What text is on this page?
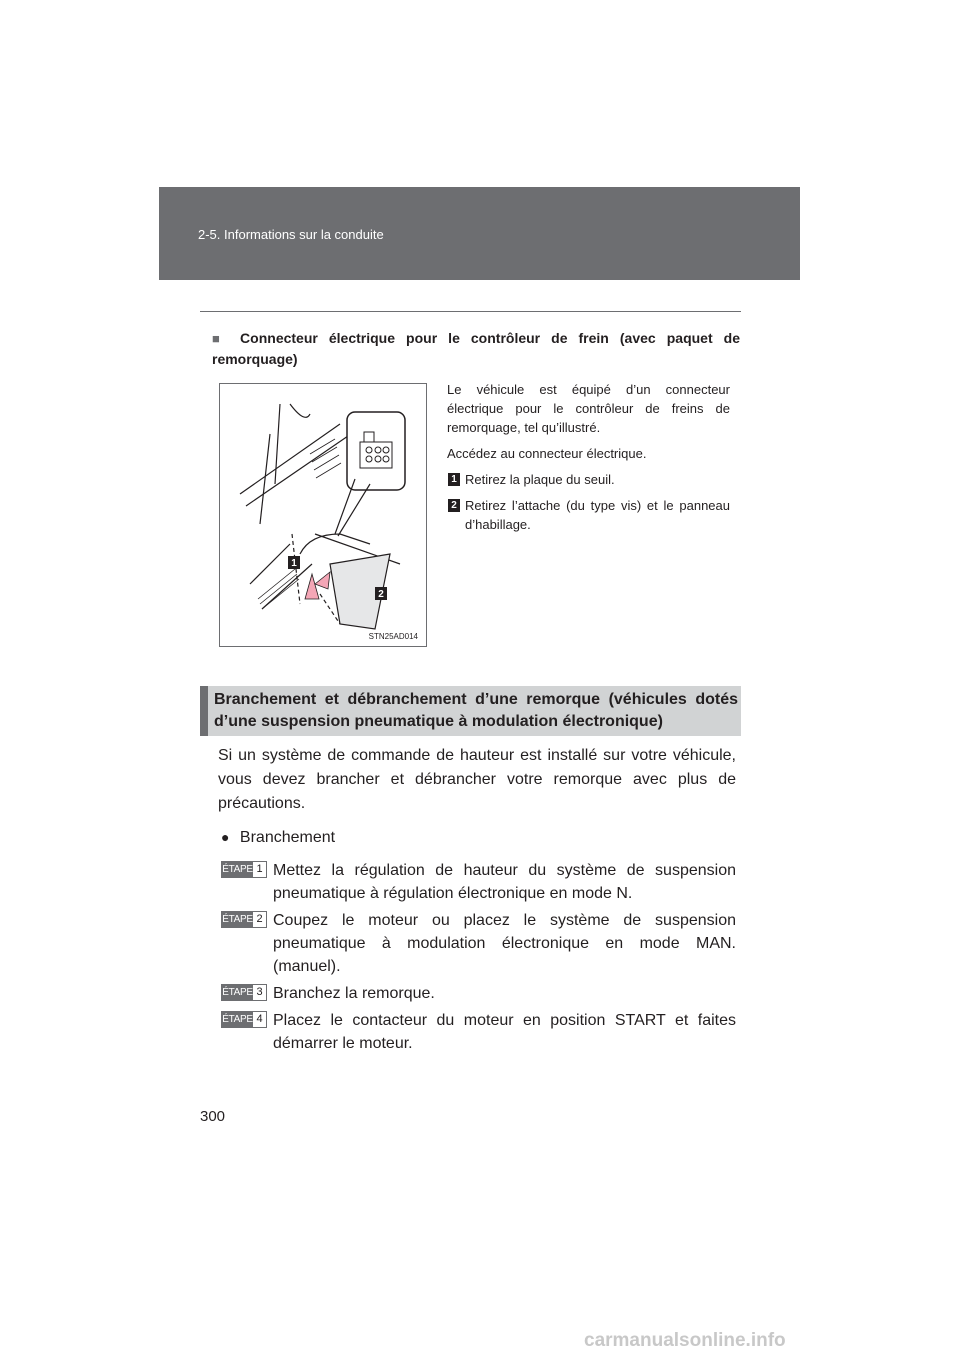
2-5. Informations sur la conduite
■ Connecteur électrique pour le contrôleur de frein (avec paquet de remorquage)
1
2
STN25AD014

Le véhicule est équipé d’un connecteur électrique pour le contrôleur de freins de remorquage, tel qu’illustré.

Accédez au connecteur électrique.

1 Retirez la plaque du seuil.
2 Retirez l’attache (du type vis) et le panneau d’habillage.
Branchement et débranchement d’une remorque (véhicules dotés d’une suspension pneumatique à modulation électronique)
Si un système de commande de hauteur est installé sur votre véhicule, vous devez brancher et débrancher votre remorque avec plus de précautions.
● Branchement
ÉTAPE 1 Mettez la régulation de hauteur du système de suspension pneumatique à régulation électronique en mode N.
ÉTAPE 2 Coupez le moteur ou placez le système de suspension pneumatique à modulation électronique en mode MAN. (manuel).
ÉTAPE 3 Branchez la remorque.
ÉTAPE 4 Placez le contacteur du moteur en position START et faites démarrer le moteur.
300
carmanualsonline.info
